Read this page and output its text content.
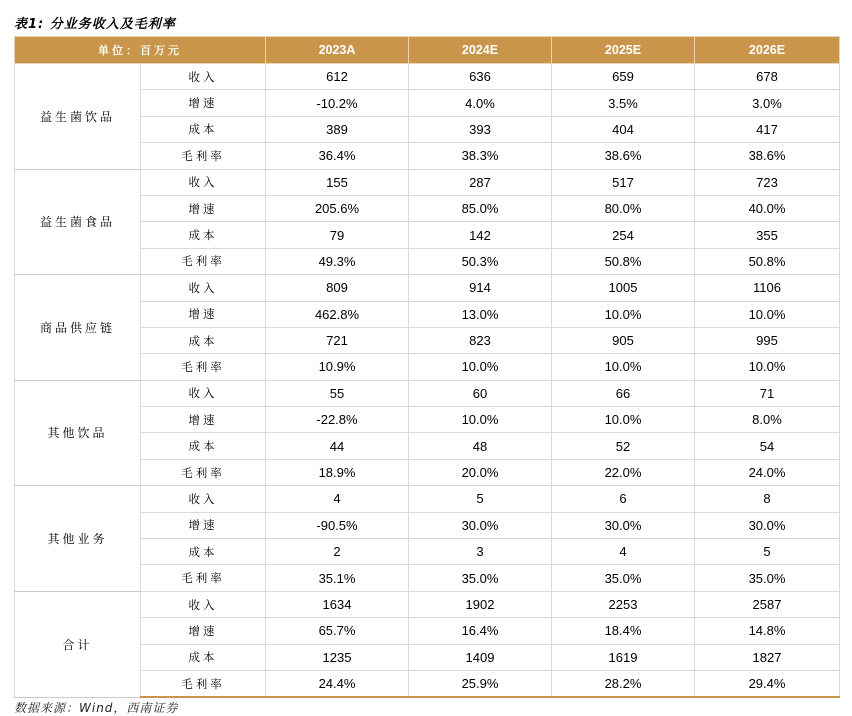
表1: 分业务收入及毛利率
单位：百万元		2023A	2024E	2025E	2026E
益生菌饮品	收入	612	636	659	678
	增速	-10.2%	4.0%	3.5%	3.0%
	成本	389	393	404	417
	毛利率	36.4%	38.3%	38.6%	38.6%
益生菌食品	收入	155	287	517	723
	增速	205.6%	85.0%	80.0%	40.0%
	成本	79	142	254	355
	毛利率	49.3%	50.3%	50.8%	50.8%
商品供应链	收入	809	914	1005	1106
	增速	462.8%	13.0%	10.0%	10.0%
	成本	721	823	905	995
	毛利率	10.9%	10.0%	10.0%	10.0%
其他饮品	收入	55	60	66	71
	增速	-22.8%	10.0%	10.0%	8.0%
	成本	44	48	52	54
	毛利率	18.9%	20.0%	22.0%	24.0%
其他业务	收入	4	5	6	8
	增速	-90.5%	30.0%	30.0%	30.0%
	成本	2	3	4	5
	毛利率	35.1%	35.0%	35.0%	35.0%
合计	收入	1634	1902	2253	2587
	增速	65.7%	16.4%	18.4%	14.8%
	成本	1235	1409	1619	1827
	毛利率	24.4%	25.9%	28.2%	29.4%
数据来源：Wind，西南证券
